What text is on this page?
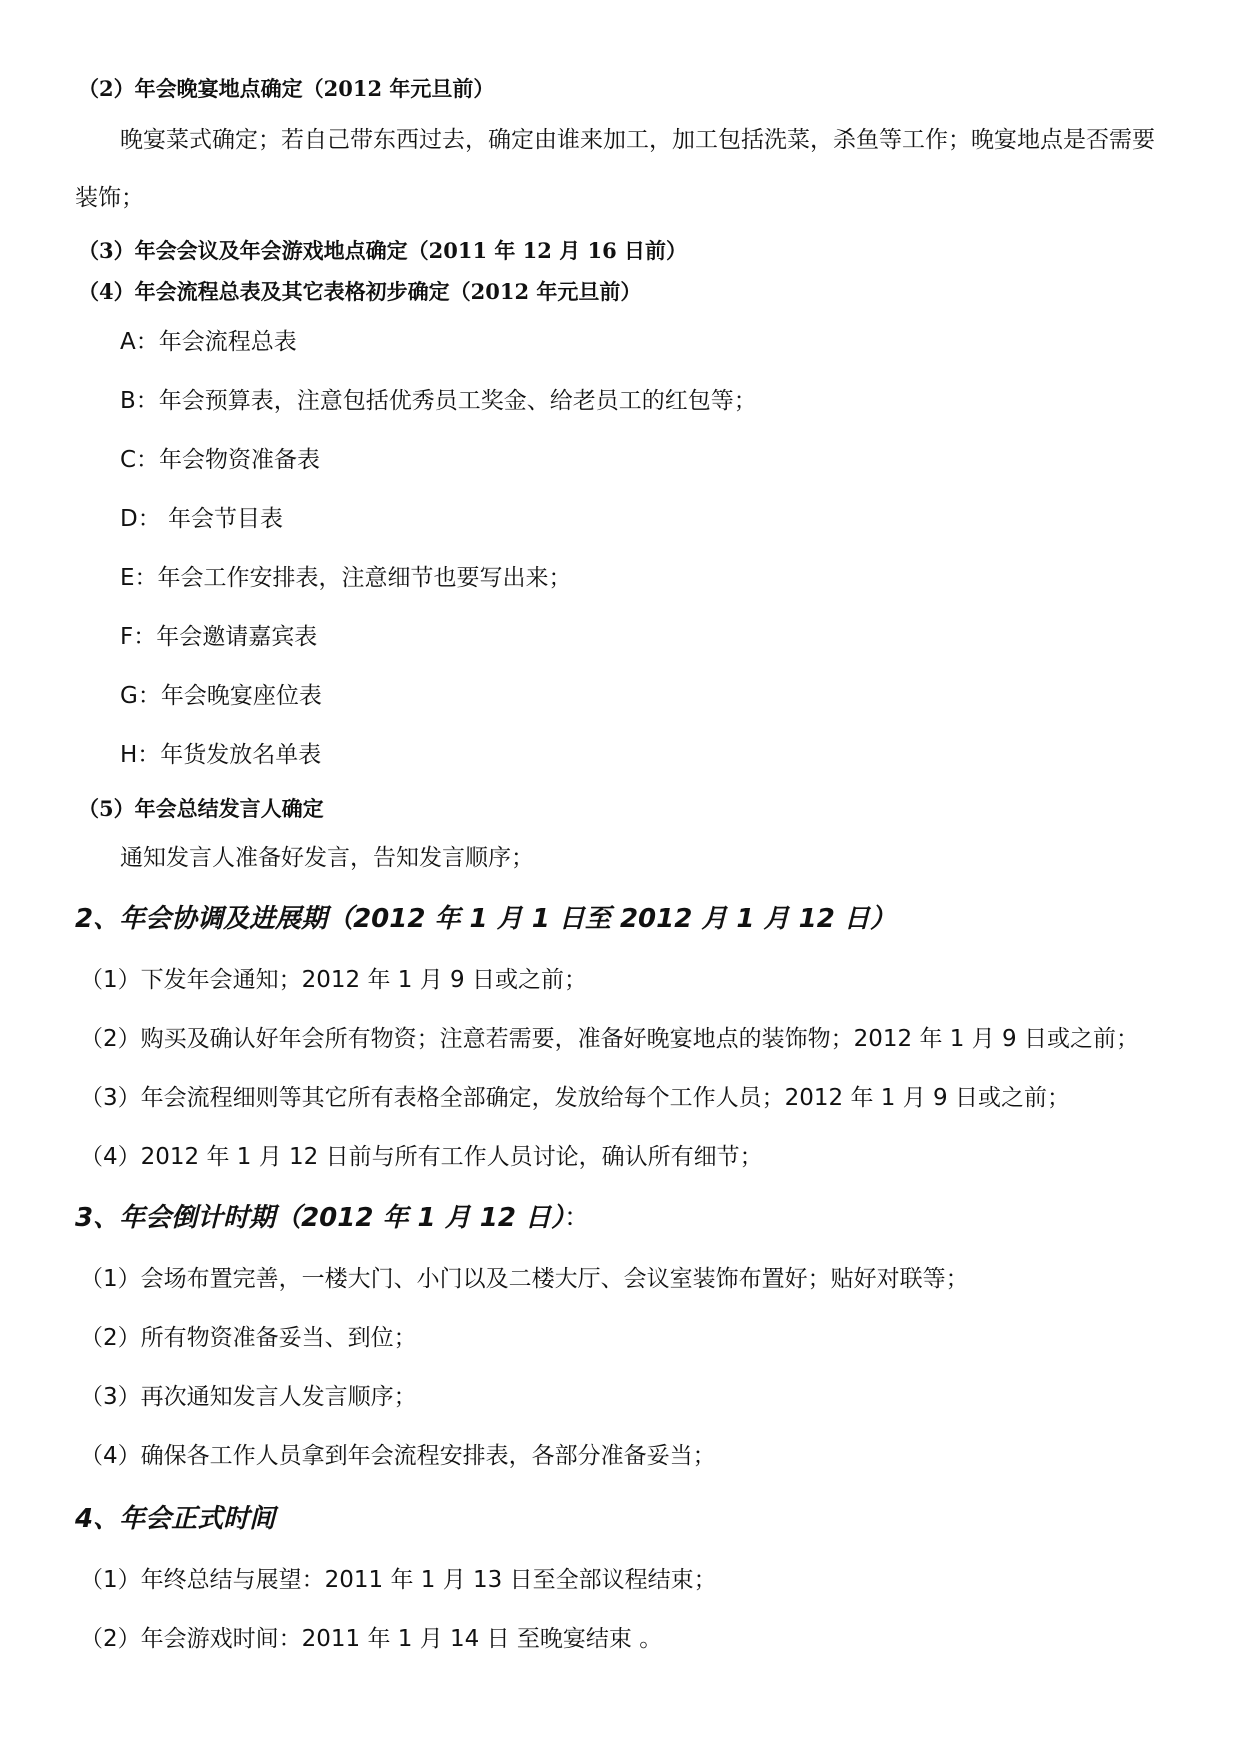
（2）年会晚宴地点确定（2012 年元旦前）
晚宴菜式确定；若自己带东西过去，确定由谁来加工，加工包括洗菜，杀鱼等工作；晚宴地点是否需要
装饰；
（3）年会会议及年会游戏地点确定（2011 年 12 月 16 日前）
（4）年会流程总表及其它表格初步确定（2012 年元旦前）
A：年会流程总表
B：年会预算表，注意包括优秀员工奖金、给老员工的红包等；
C：年会物资准备表
D： 年会节目表
E：年会工作安排表，注意细节也要写出来；
F：年会邀请嘉宾表
G：年会晚宴座位表
H：年货发放名单表
（5）年会总结发言人确定
通知发言人准备好发言，告知发言顺序；
2、年会协调及进展期（2012 年 1 月 1 日至 2012 月 1 月 12 日）
（1）下发年会通知；2012 年 1 月 9 日或之前；
（2）购买及确认好年会所有物资；注意若需要，准备好晚宴地点的装饰物；2012 年 1 月 9 日或之前；
（3）年会流程细则等其它所有表格全部确定，发放给每个工作人员；2012 年 1 月 9 日或之前；
（4）2012 年 1 月 12 日前与所有工作人员讨论，确认所有细节；
3、年会倒计时期（2012 年 1 月 12 日）：
（1）会场布置完善，一楼大门、小门以及二楼大厅、会议室装饰布置好；贴好对联等；
（2）所有物资准备妥当、到位；
（3）再次通知发言人发言顺序；
（4）确保各工作人员拿到年会流程安排表，各部分准备妥当；
4、年会正式时间
（1）年终总结与展望：2011 年 1 月 13 日至全部议程结束；
（2）年会游戏时间：2011 年 1 月 14 日 至晚宴结束 。
